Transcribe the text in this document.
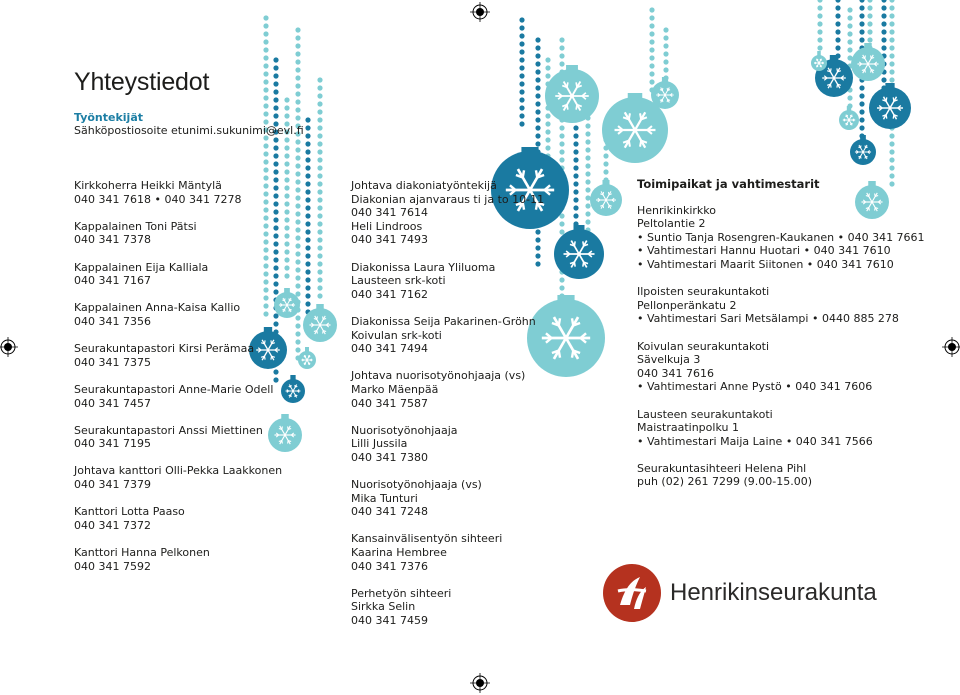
Yhteystiedot
Työntekijät
Sähköpostiosoite etunimi.sukunimi@evl.fi
Kirkkoherra Heikki Mäntylä
040 341 7618 • 040 341 7278
Kappalainen Toni Pätsi
040 341 7378
Kappalainen Eija Kalliala
040 341 7167
Kappalainen Anna-Kaisa Kallio
040 341 7356
Seurakuntapastori Kirsi Perämaa
040 341 7375
Seurakuntapastori Anne-Marie Odell
040 341 7457
Seurakuntapastori Anssi Miettinen
040 341 7195
Johtava kanttori Olli-Pekka Laakkonen
040 341 7379
Kanttori Lotta Paaso
040 341 7372
Kanttori Hanna Pelkonen
040 341 7592
Johtava diakoniatyöntekijä
Diakonian ajanvaraus ti ja to 10-11
040 341 7614
Heli Lindroos
040 341 7493
Diakonissa Laura Yliluoma
Lausteen srk-koti
040 341 7162
Diakonissa Seija Pakarinen-Gröhn
Koivulan srk-koti
040 341 7494
Johtava nuorisotyönohjaaja (vs)
Marko Mäenpää
040 341 7587
Nuorisotyönohjaaja
Lilli Jussila
040 341 7380
Nuorisotyönohjaaja (vs)
Mika Tunturi
040 341 7248
Kansainvälisentyön sihteeri
Kaarina Hembree
040 341 7376
Perhetyön sihteeri
Sirkka Selin
040 341 7459
Toimipaikat ja vahtimestarit
Henrikinkirkko
Peltolantie 2
• Suntio Tanja Rosengren-Kaukanen • 040 341 7661
• Vahtimestari Hannu Huotari • 040 341 7610
• Vahtimestari Maarit Siitonen • 040 341 7610
Ilpoisten seurakuntakoti
Pellonperänkatu 2
• Vahtimestari Sari Metsälampi • 0440 885 278
Koivulan seurakuntakoti
Sävelkuja 3
040 341 7616
• Vahtimestari Anne Pystö • 040 341 7606
Lausteen seurakuntakoti
Maistraatinpolku 1
• Vahtimestari Maija Laine • 040 341 7566
Seurakuntasihteeri Helena Pihl
puh (02) 261 7299 (9.00-15.00)
Henrikinseurakunta
